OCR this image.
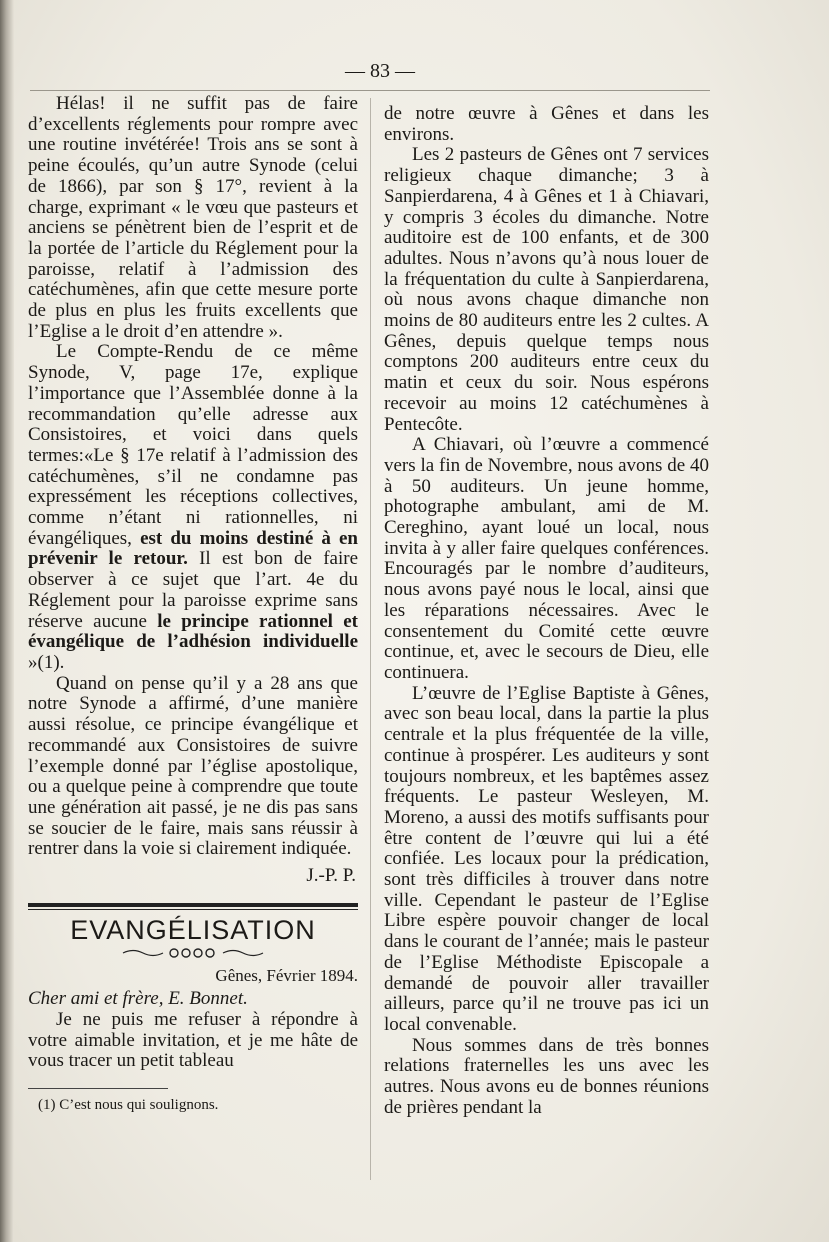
— 83 —

Hélas! il ne suffit pas de faire d’excellents réglements pour rompre avec une routine invétérée! Trois ans se sont à peine écoulés, qu’un autre Synode (celui de 1866), par son § 17°, revient à la charge, exprimant « le vœu que pasteurs et anciens se pénètrent bien de l’esprit et de la portée de l’article du Réglement pour la paroisse, relatif à l’admission des catéchumènes, afin que cette mesure porte de plus en plus les fruits excellents que l’Eglise a le droit d’en attendre ».

Le Compte-Rendu de ce même Synode, V, page 17e, explique l’importance que l’Assemblée donne à la recommandation qu’elle adresse aux Consistoires, et voici dans quels termes:«Le § 17e relatif à l’admission des catéchumènes, s’il ne condamne pas expressément les réceptions collectives, comme n’étant ni rationnelles, ni évangéliques, est du moins destiné à en prévenir le retour. Il est bon de faire observer à ce sujet que l’art. 4e du Réglement pour la paroisse exprime sans réserve aucune le principe rationnel et évangélique de l’adhésion individuelle »(1).

Quand on pense qu’il y a 28 ans que notre Synode a affirmé, d’une manière aussi résolue, ce principe évangélique et recommandé aux Consistoires de suivre l’exemple donné par l’église apostolique, ou a quelque peine à comprendre que toute une génération ait passé, je ne dis pas sans se soucier de le faire, mais sans réussir à rentrer dans la voie si clairement indiquée.

J.-P. P.
EVANGÉLISATION
Gênes, Février 1894.

Cher ami et frère, E. Bonnet.

Je ne puis me refuser à répondre à votre aimable invitation, et je me hâte de vous tracer un petit tableau

(1) C’est nous qui soulignons.

de notre œuvre à Gênes et dans les environs.

Les 2 pasteurs de Gênes ont 7 services religieux chaque dimanche; 3 à Sanpierdarena, 4 à Gênes et 1 à Chiavari, y compris 3 écoles du dimanche. Notre auditoire est de 100 enfants, et de 300 adultes. Nous n’avons qu’à nous louer de la fréquentation du culte à Sanpierdarena, où nous avons chaque dimanche non moins de 80 auditeurs entre les 2 cultes. A Gênes, depuis quelque temps nous comptons 200 auditeurs entre ceux du matin et ceux du soir. Nous espérons recevoir au moins 12 catéchumènes à Pentecôte.

A Chiavari, où l’œuvre a commencé vers la fin de Novembre, nous avons de 40 à 50 auditeurs. Un jeune homme, photographe ambulant, ami de M. Cereghino, ayant loué un local, nous invita à y aller faire quelques conférences. Encouragés par le nombre d’auditeurs, nous avons payé nous le local, ainsi que les réparations nécessaires. Avec le consentement du Comité cette œuvre continue, et, avec le secours de Dieu, elle continuera.

L’œuvre de l’Eglise Baptiste à Gênes, avec son beau local, dans la partie la plus centrale et la plus fréquentée de la ville, continue à prospérer. Les auditeurs y sont toujours nombreux, et les baptêmes assez fréquents. Le pasteur Wesleyen, M. Moreno, a aussi des motifs suffisants pour être content de l’œuvre qui lui a été confiée. Les locaux pour la prédication, sont très difficiles à trouver dans notre ville. Cependant le pasteur de l’Eglise Libre espère pouvoir changer de local dans le courant de l’année; mais le pasteur de l’Eglise Méthodiste Episcopale a demandé de pouvoir aller travailler ailleurs, parce qu’il ne trouve pas ici un local convenable.

Nous sommes dans de très bonnes relations fraternelles les uns avec les autres. Nous avons eu de bonnes réunions de prières pendant la
